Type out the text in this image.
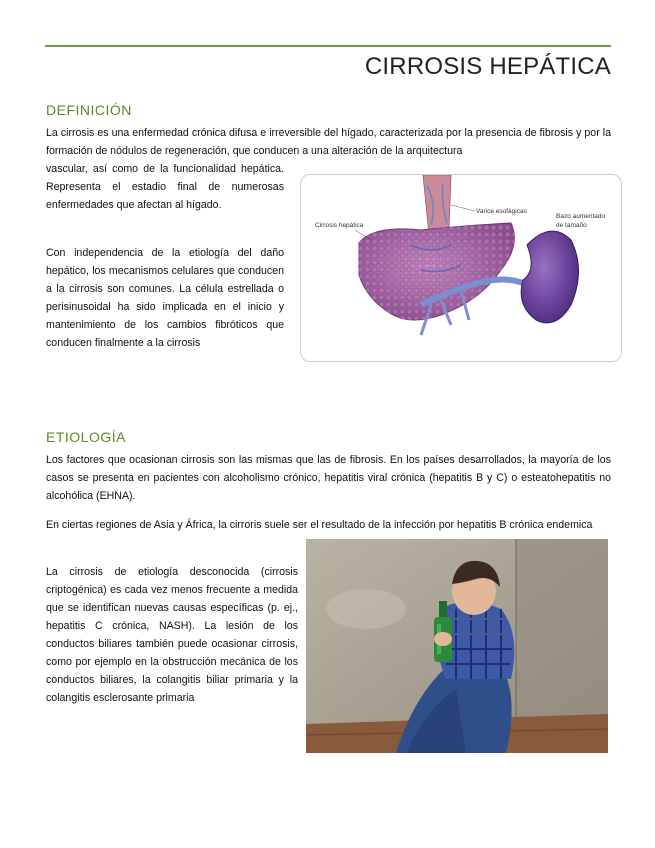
CIRROSIS HEPÁTICA
DEFINICIÓN

La cirrosis es una enfermedad crónica difusa e irreversible del hígado, caracterizada por la presencia de fibrosis y por la formación de nódulos de regeneración, que conducen a una alteración de la arquitectura

vascular, así como de la funcionalidad hepática. Representa el estadio final de numerosas enfermedades que afectan al hígado.

Con independencia de la etiología del daño hepático, los mecanismos celulares que conducen a la cirrosis son comunes. La célula estrellada o perisinusoidal ha sido implicada en el inicio y mantenimiento de los cambios fibróticos que conducen finalmente a la cirrosis

Cirrosis hepática
Varice esofágicas
Bazo aumentado
de tamaño
ETIOLOGÍA

Los factores que ocasionan cirrosis son las mismas que las de fibrosis. En los países desarrollados, la mayoría de los casos se presenta en pacientes con alcoholismo crónico, hepatitis viral crónica (hepatitis B y C) o esteatohepatitis no alcohólica (EHNA).

En ciertas regiones de Asia y África, la cirroris suele ser el resultado de la infección por hepatitis B crónica endemica

La cirrosis de etiología desconocida (cirrosis criptogénica) es cada vez menos frecuente a medida que se identifican nuevas causas específicas (p. ej., hepatitis C crónica, NASH). La lesión de los conductos biliares también puede ocasionar cirrosis, como por ejemplo en la obstrucción mecánica de los conductos biliares, la colangitis biliar primaria y la colangitis esclerosante primaria
